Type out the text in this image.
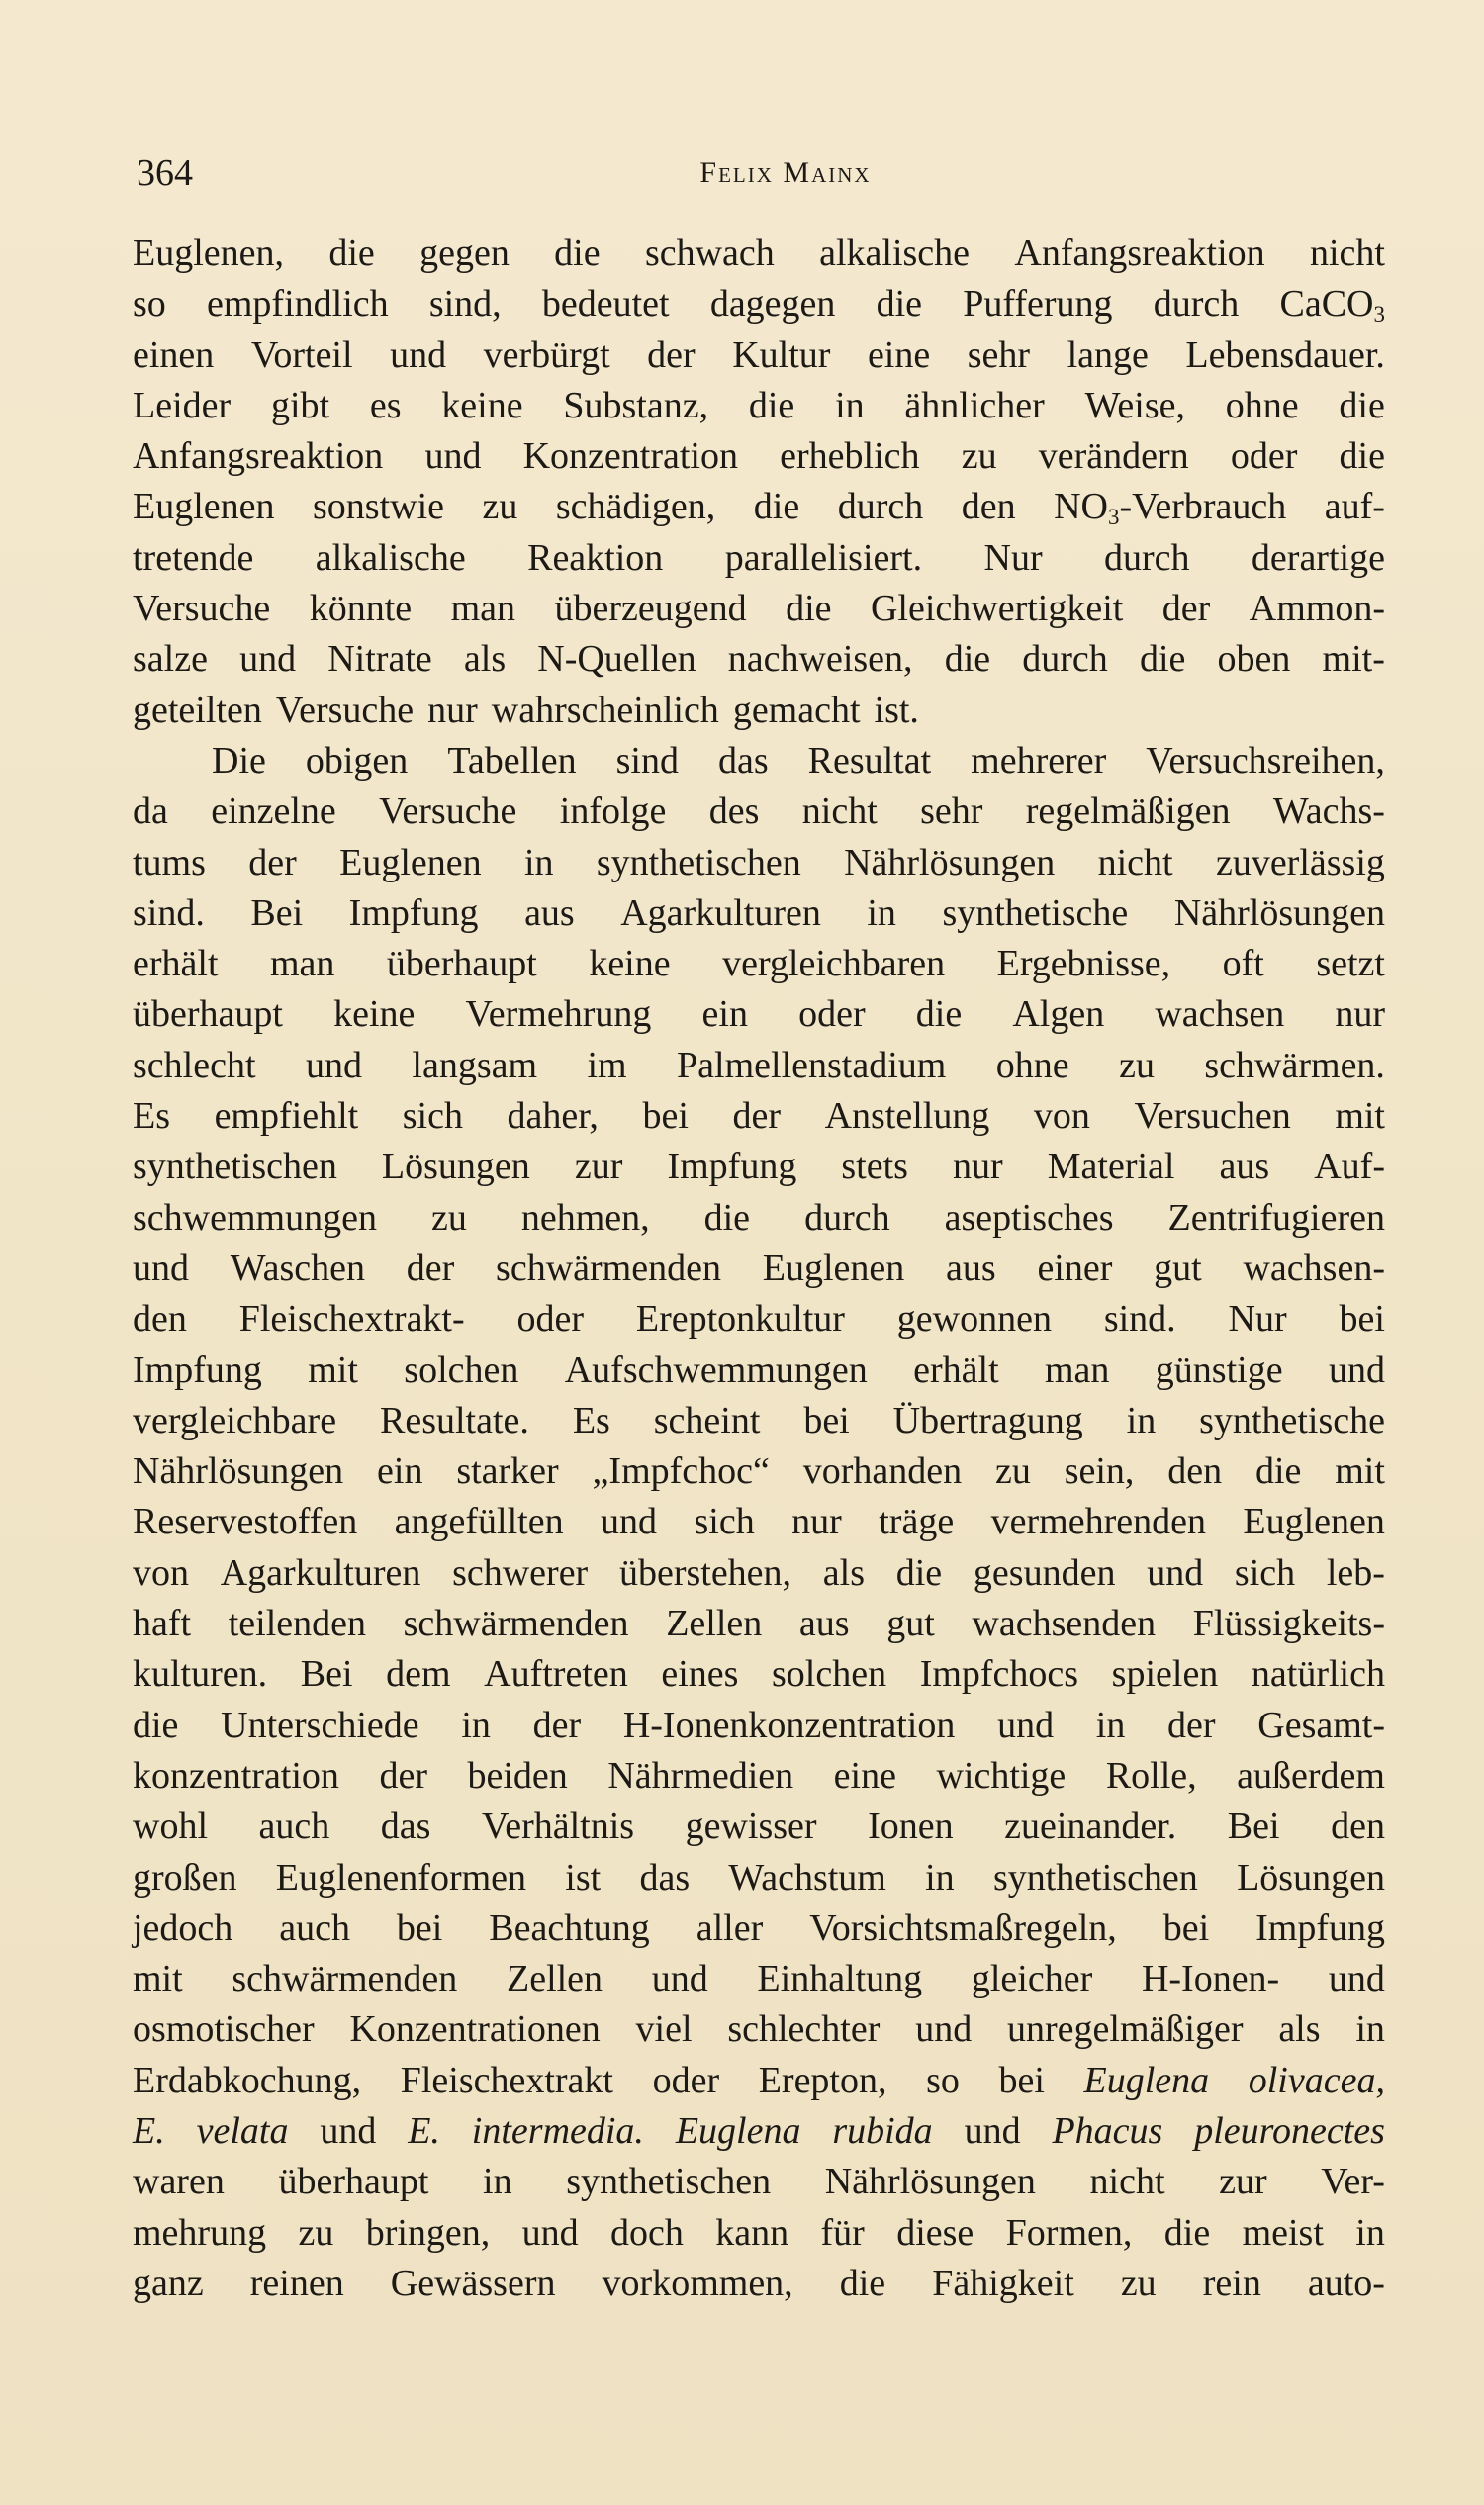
364	Felix Mainx
Euglenen, die gegen die schwach alkalische Anfangsreaktion nicht
so empfindlich sind, bedeutet dagegen die Pufferung durch CaCO$_3$
einen Vorteil und verbürgt der Kultur eine sehr lange Lebensdauer.
Leider gibt es keine Substanz, die in ähnlicher Weise, ohne die
Anfangsreaktion und Konzentration erheblich zu verändern oder die
Euglenen sonstwie zu schädigen, die durch den $NO_3$-Verbrauch auf-
tretende alkalische Reaktion parallelisiert. Nur durch derartige
Versuche könnte man überzeugend die Gleichwertigkeit der Ammon-
salze und Nitrate als N-Quellen nachweisen, die durch die oben mit-
geteilten Versuche nur wahrscheinlich gemacht ist.
Die obigen Tabellen sind das Resultat mehrerer Versuchsreihen,
da einzelne Versuche infolge des nicht sehr regelmäßigen Wachs-
tums der Euglenen in synthetischen Nährlösungen nicht zuverlässig
sind. Bei Impfung aus Agarkulturen in synthetische Nährlösungen
erhält man überhaupt keine vergleichbaren Ergebnisse, oft setzt
überhaupt keine Vermehrung ein oder die Algen wachsen nur
schlecht und langsam im Palmellenstadium ohne zu schwärmen.
Es empfiehlt sich daher, bei der Anstellung von Versuchen mit
synthetischen Lösungen zur Impfung stets nur Material aus Auf-
schwemmungen zu nehmen, die durch aseptisches Zentrifugieren
und Waschen der schwärmenden Euglenen aus einer gut wachsen-
den Fleischextrakt- oder Ereptonkultur gewonnen sind. Nur bei
Impfung mit solchen Aufschwemmungen erhält man günstige und
vergleichbare Resultate. Es scheint bei Übertragung in synthetische
Nährlösungen ein starker „Impfchoc“ vorhanden zu sein, den die mit
Reservestoffen angefüllten und sich nur träge vermehrenden Euglenen
von Agarkulturen schwerer überstehen, als die gesunden und sich leb-
haft teilenden schwärmenden Zellen aus gut wachsenden Flüssigkeits-
kulturen. Bei dem Auftreten eines solchen Impfchocs spielen natürlich
die Unterschiede in der H-Ionenkonzentration und in der Gesamt-
konzentration der beiden Nährmedien eine wichtige Rolle, außerdem
wohl auch das Verhältnis gewisser Ionen zueinander. Bei den
großen Euglenenformen ist das Wachstum in synthetischen Lösungen
jedoch auch bei Beachtung aller Vorsichtsmaßregeln, bei Impfung
mit schwärmenden Zellen und Einhaltung gleicher H-Ionen- und
osmotischer Konzentrationen viel schlechter und unregelmäßiger als in
Erdabkochung, Fleischextrakt oder Erepton, so bei Euglena olivacea,
E. velata und E. intermedia. Euglena rubida und Phacus pleuronectes
waren überhaupt in synthetischen Nährlösungen nicht zur Ver-
mehrung zu bringen, und doch kann für diese Formen, die meist in
ganz reinen Gewässern vorkommen, die Fähigkeit zu rein auto-
